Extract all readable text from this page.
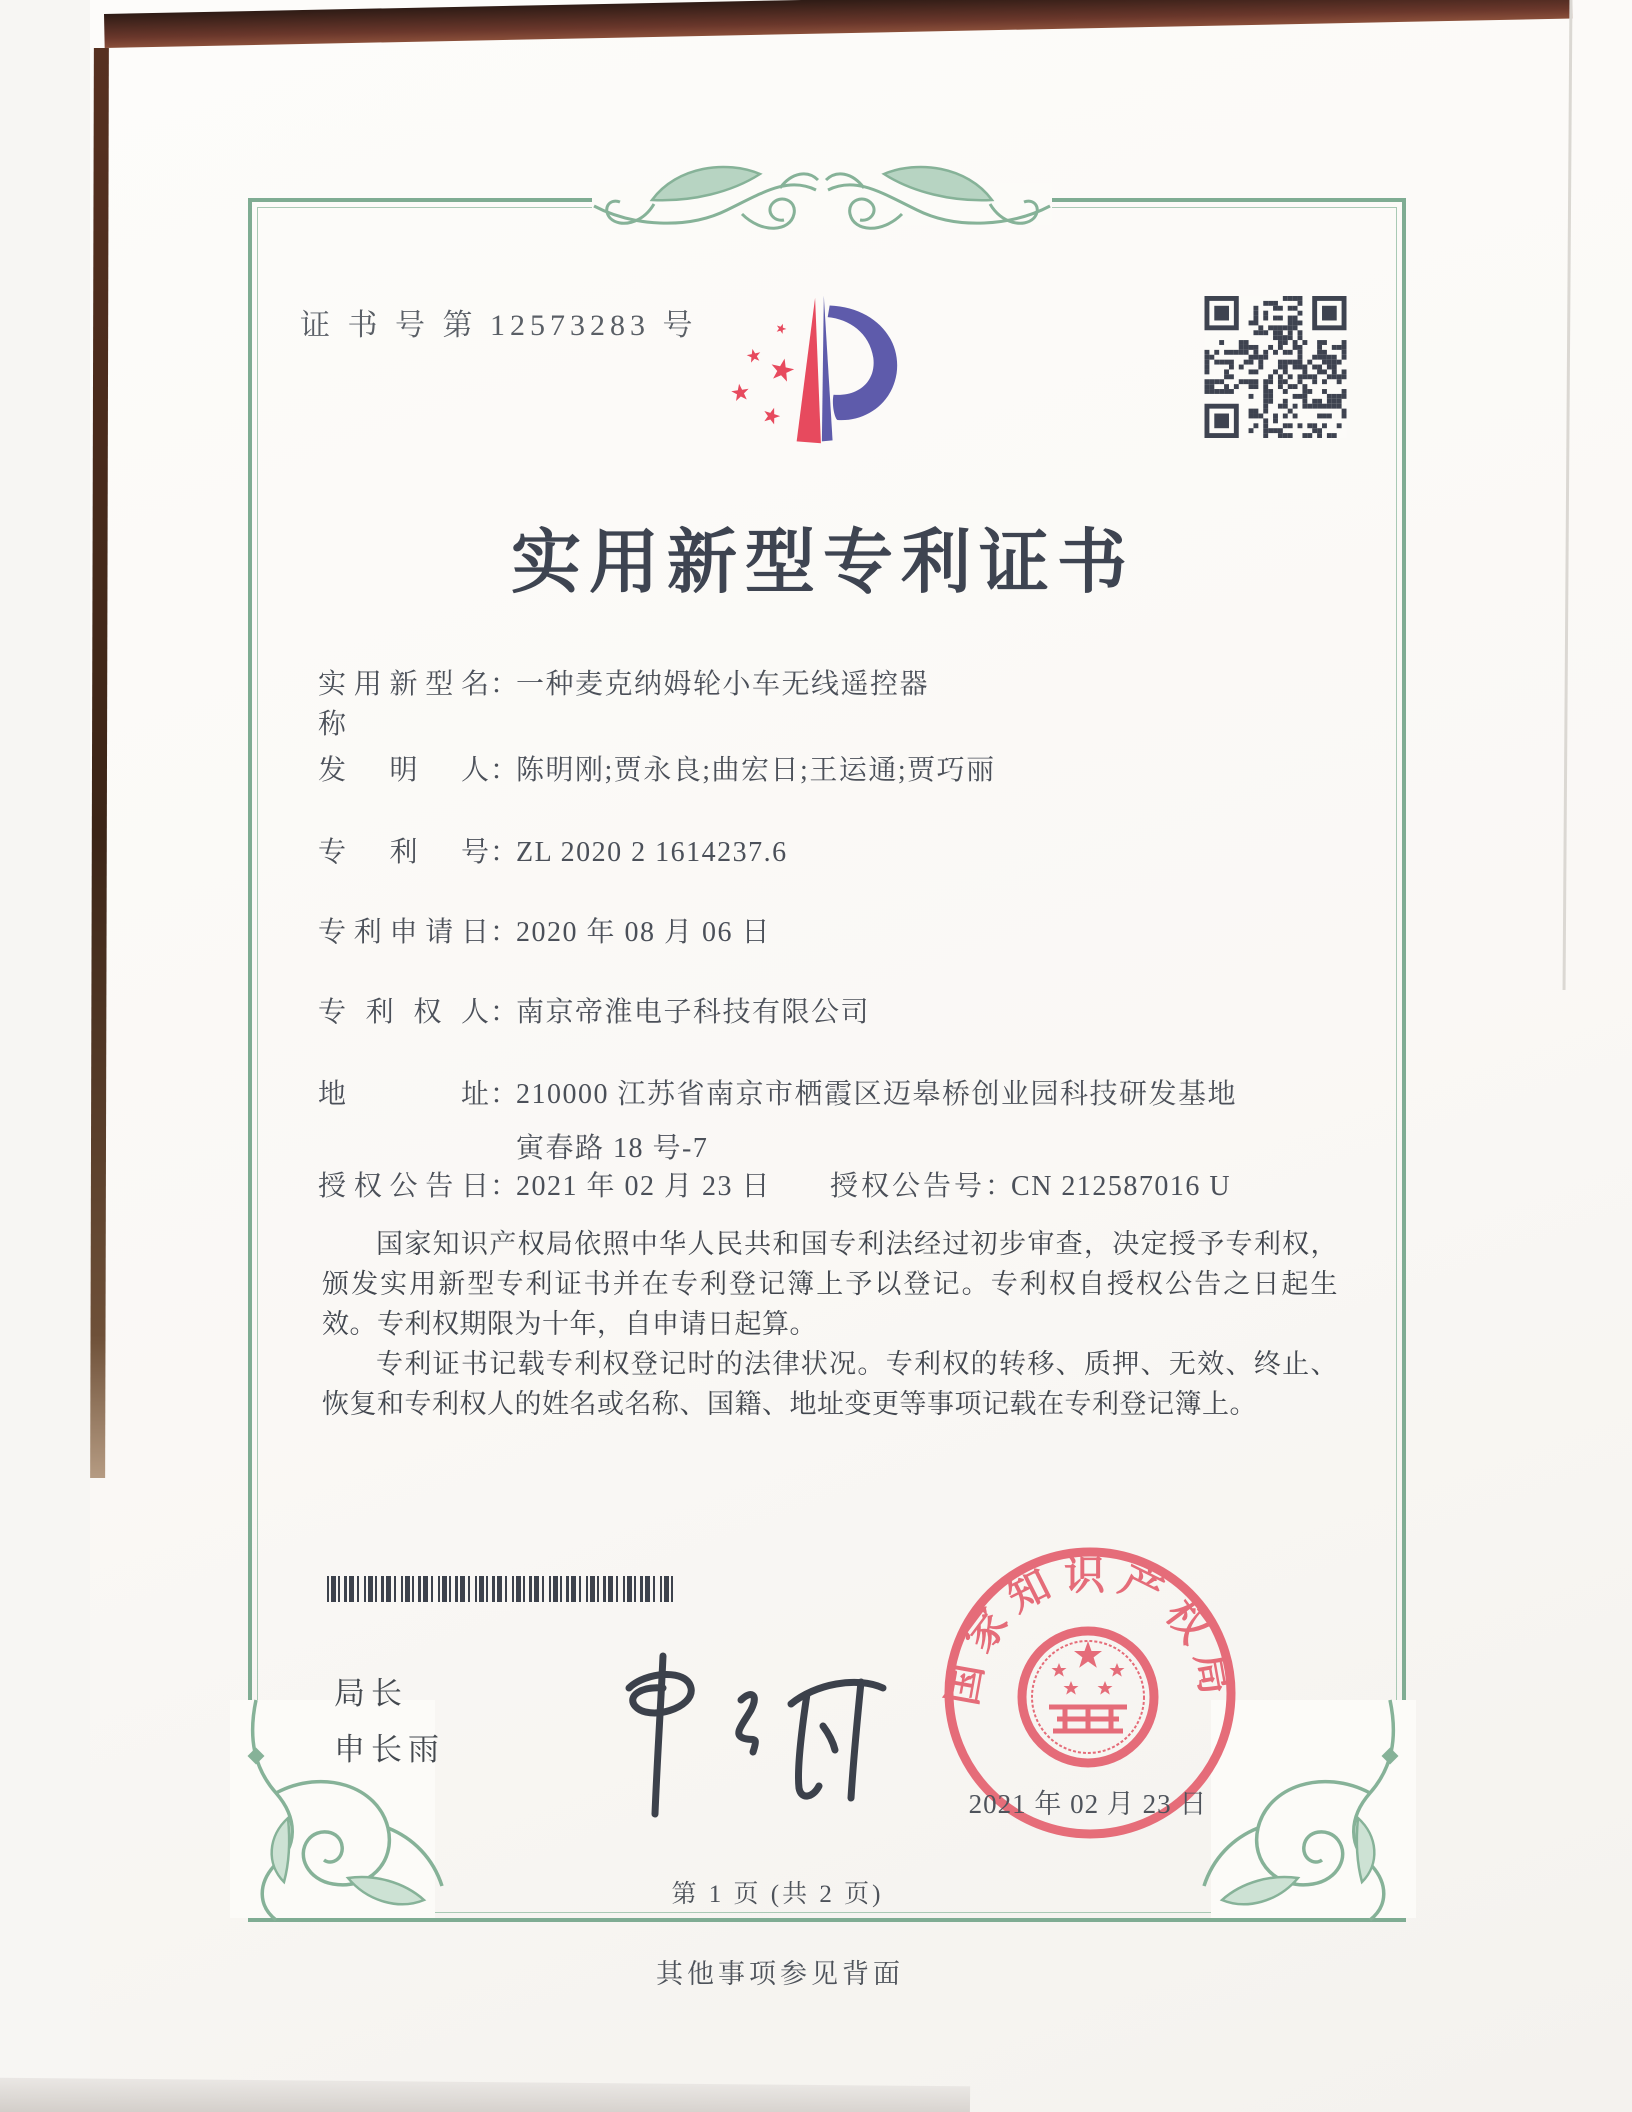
证 书 号 第 12573283 号
实用新型专利证书
实用新型名称：一种麦克纳姆轮小车无线遥控器
发明人：陈明刚;贾永良;曲宏日;王运通;贾巧丽
专利号：ZL 2020 2 1614237.6
专利申请日：2020 年 08 月 06 日
专利权人：南京帝淮电子科技有限公司
地址：210000 江苏省南京市栖霞区迈皋桥创业园科技研发基地
寅春路 18 号-7
授权公告日：2021 年 02 月 23 日 授权公告号：CN 212587016 U

国家知识产权局依照中华人民共和国专利法经过初步审查，决定授予专利权，颁发实用新型专利证书并在专利登记簿上予以登记。专利权自授权公告之日起生效。专利权期限为十年，自申请日起算。

专利证书记载专利权登记时的法律状况。专利权的转移、质押、无效、终止、恢复和专利权人的姓名或名称、国籍、地址变更等事项记载在专利登记簿上。

局长
申长雨
国家知识产权局
2021 年 02 月 23 日
第 1 页 (共 2 页)
其他事项参见背面
